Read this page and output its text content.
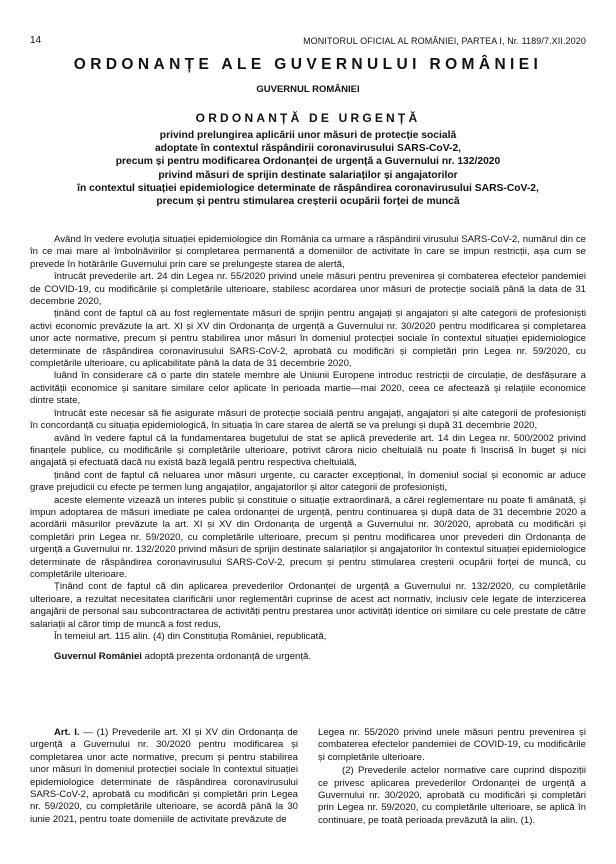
14	MONITORUL OFICIAL AL ROMÂNIEI, PARTEA I, Nr. 1189/7.XII.2020
ORDONANȚE ALE GUVERNULUI ROMÂNIEI
GUVERNUL ROMÂNIEI
ORDONANȚĂ DE URGENȚĂ
privind prelungirea aplicării unor măsuri de protecție socială
adoptate în contextul răspândirii coronavirusului SARS-CoV-2,
precum și pentru modificarea Ordonanței de urgență a Guvernului nr. 132/2020
privind măsuri de sprijin destinate salariaților și angajatorilor
în contextul situației epidemiologice determinate de răspândirea coronavirusului SARS-CoV-2,
precum și pentru stimularea creșterii ocupării forței de muncă

Având în vedere evoluția situației epidemiologice din România ca urmare a răspândirii virusului SARS-CoV-2, numărul din ce în ce mai mare al îmbolnăvirilor și completarea permanentă a domeniilor de activitate în care se impun restricții, așa cum se prevede în hotărârile Guvernului prin care se prelungește starea de alertă,

întrucât prevederile art. 24 din Legea nr. 55/2020 privind unele măsuri pentru prevenirea și combaterea efectelor pandemiei de COVID-19, cu modificările și completările ulterioare, stabilesc acordarea unor măsuri de protecție socială până la data de 31 decembrie 2020,

ținând cont de faptul că au fost reglementate măsuri de sprijin pentru angajați și angajatori și alte categorii de profesioniști activi economic prevăzute la art. XI și XV din Ordonanța de urgență a Guvernului nr. 30/2020 pentru modificarea și completarea unor acte normative, precum și pentru stabilirea unor măsuri în domeniul protecției sociale în contextul situației epidemiologice determinate de răspândirea coronavirusului SARS-CoV-2, aprobată cu modificări și completări prin Legea nr. 59/2020, cu completările ulterioare, cu aplicabilitate până la data de 31 decembrie 2020,

luând în considerare că o parte din statele membre ale Uniunii Europene introduc restricții de circulație, de desfășurare a activității economice și sanitare similare celor aplicate în perioada martie—mai 2020, ceea ce afectează și relațiile economice dintre state,

întrucât este necesar să fie asigurate măsuri de protecție socială pentru angajați, angajatori și alte categorii de profesioniști în concordanță cu situația epidemiologică, în situația în care starea de alertă se va prelungi și după 31 decembrie 2020,

având în vedere faptul că la fundamentarea bugetului de stat se aplică prevederile art. 14 din Legea nr. 500/2002 privind finanțele publice, cu modificările și completările ulterioare, potrivit cărora nicio cheltuială nu poate fi înscrisă în buget și nici angajată și efectuată dacă nu există bază legală pentru respectiva cheltuială,

ținând cont de faptul că neluarea unor măsuri urgente, cu caracter excepțional, în domeniul social și economic ar aduce grave prejudicii cu efecte pe termen lung angajaților, angajatorilor și altor categorii de profesioniști,

aceste elemente vizează un interes public și constituie o situație extraordinară, a cărei reglementare nu poate fi amânată, și impun adoptarea de măsuri imediate pe calea ordonanței de urgență, pentru continuarea și după data de 31 decembrie 2020 a acordării măsurilor prevăzute la art. XI și XV din Ordonanța de urgență a Guvernului nr. 30/2020, aprobată cu modificări și completări prin Legea nr. 59/2020, cu completările ulterioare, precum și pentru modificarea unor prevederi din Ordonanța de urgență a Guvernului nr. 132/2020 privind măsuri de sprijin destinate salariaților și angajatorilor în contextul situației epidemiologice determinate de răspândirea coronavirusului SARS-CoV-2, precum și pentru stimularea creșterii ocupării forței de muncă, cu completările ulterioare.

Ținând cont de faptul că din aplicarea prevederilor Ordonanței de urgență a Guvernului nr. 132/2020, cu completările ulterioare, a rezultat necesitatea clarificării unor reglementări cuprinse de acest act normativ, inclusiv cele legate de interzicerea angajării de personal sau subcontractarea de activități pentru prestarea unor activități identice ori similare cu cele prestate de către salariații al căror timp de muncă a fost redus,

În temeiul art. 115 alin. (4) din Constituția României, republicată,

Guvernul României adoptă prezenta ordonanță de urgență.

Art. I. — (1) Prevederile art. XI și XV din Ordonanța de urgență a Guvernului nr. 30/2020 pentru modificarea și completarea unor acte normative, precum și pentru stabilirea unor măsuri în domeniul protecției sociale în contextul situației epidemiologice determinate de răspândirea coronavirusului SARS-CoV-2, aprobată cu modificări și completări prin Legea nr. 59/2020, cu completările ulterioare, se acordă până la 30 iunie 2021, pentru toate domeniile de activitate prevăzute de

Legea nr. 55/2020 privind unele măsuri pentru prevenirea și combaterea efectelor pandemiei de COVID-19, cu modificările și completările ulterioare.

(2) Prevederile actelor normative care cuprind dispoziții ce privesc aplicarea prevederilor Ordonanței de urgență a Guvernului nr. 30/2020, aprobată cu modificări și completări prin Legea nr. 59/2020, cu completările ulterioare, se aplică în continuare, pe toată perioada prevăzută la alin. (1).
